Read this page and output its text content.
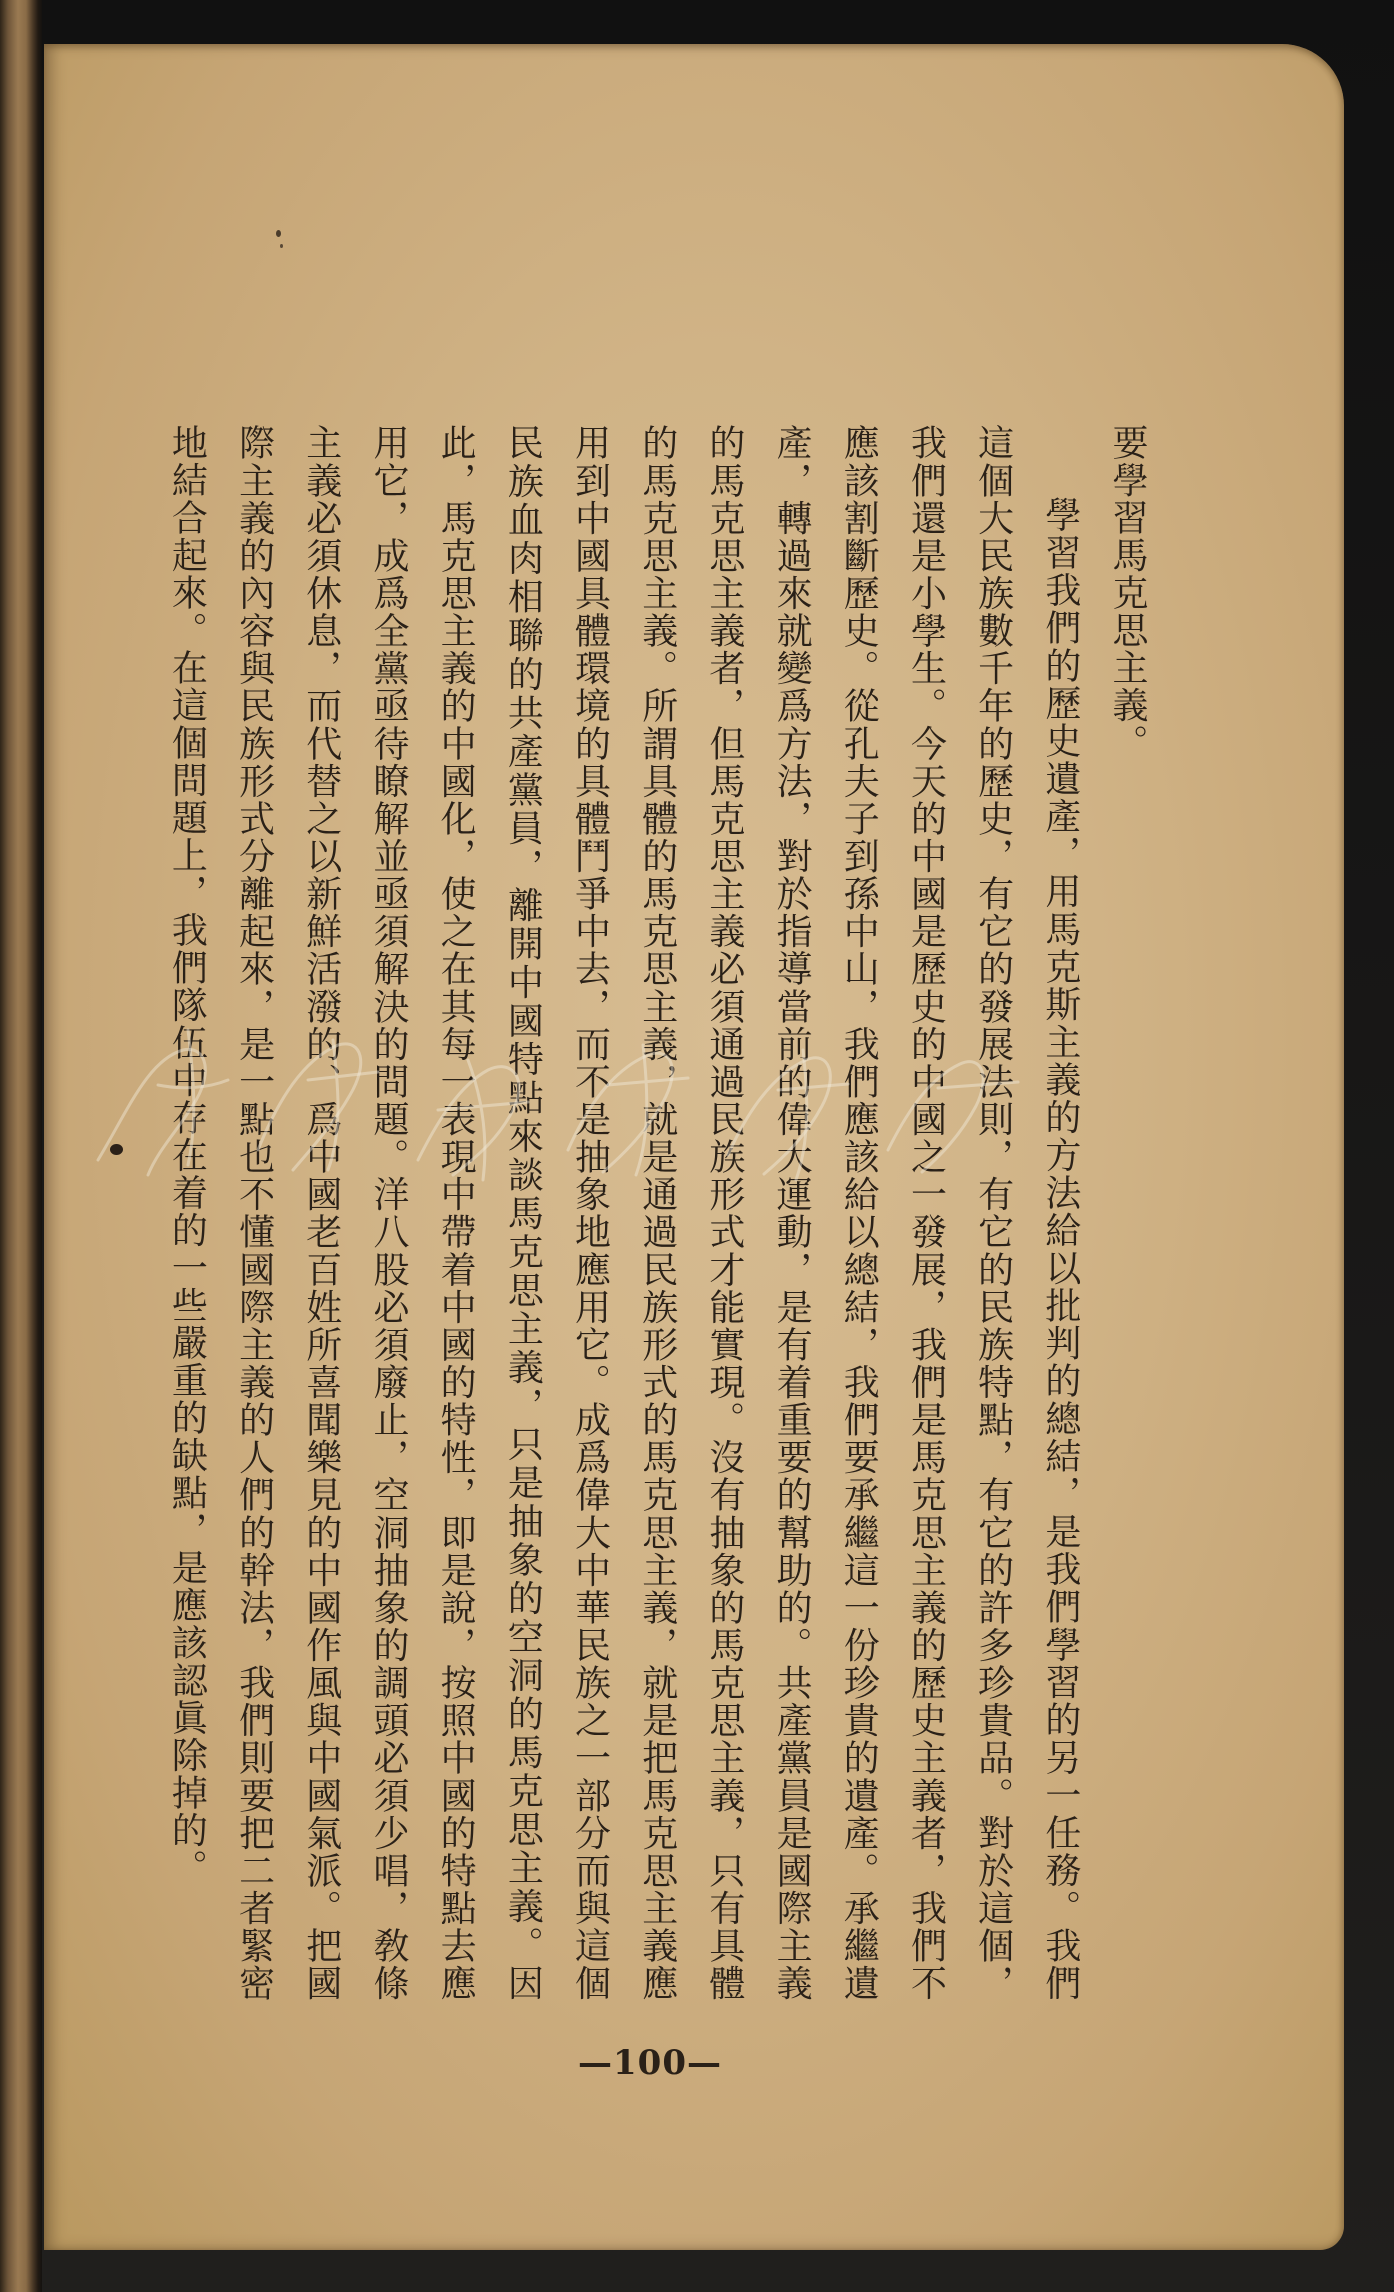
要學習馬克思主義。
學習我們的歷史遺產，用馬克斯主義的方法給以批判的總結，是我們學習的另一任務。我們
這個大民族數千年的歷史，有它的發展法則，有它的民族特點，有它的許多珍貴品。對於這個，
我們還是小學生。今天的中國是歷史的中國之一發展，我們是馬克思主義的歷史主義者，我們不
應該割斷歷史。從孔夫子到孫中山，我們應該給以總結，我們要承繼這一份珍貴的遺產。承繼遺
產，轉過來就變爲方法，對於指導當前的偉大運動，是有着重要的幫助的。共產黨員是國際主義
的馬克思主義者，但馬克思主義必須通過民族形式才能實現。沒有抽象的馬克思主義，只有具體
的馬克思主義。所謂具體的馬克思主義，就是通過民族形式的馬克思主義，就是把馬克思主義應
用到中國具體環境的具體鬥爭中去，而不是抽象地應用它。成爲偉大中華民族之一部分而與這個
民族血肉相聯的共產黨員，離開中國特點來談馬克思主義，只是抽象的空洞的馬克思主義。因
此，馬克思主義的中國化，使之在其每一表現中帶着中國的特性，即是說，按照中國的特點去應
用它，成爲全黨亟待瞭解並亟須解決的問題。洋八股必須廢止，空洞抽象的調頭必須少唱，敎條
主義必須休息，而代替之以新鮮活潑的、爲中國老百姓所喜聞樂見的中國作風與中國氣派。把國
際主義的內容與民族形式分離起來，是一點也不懂國際主義的人們的幹法，我們則要把二者緊密
地結合起來。在這個問題上，我們隊伍中存在着的一些嚴重的缺點，是應該認眞除掉的。
—100—
